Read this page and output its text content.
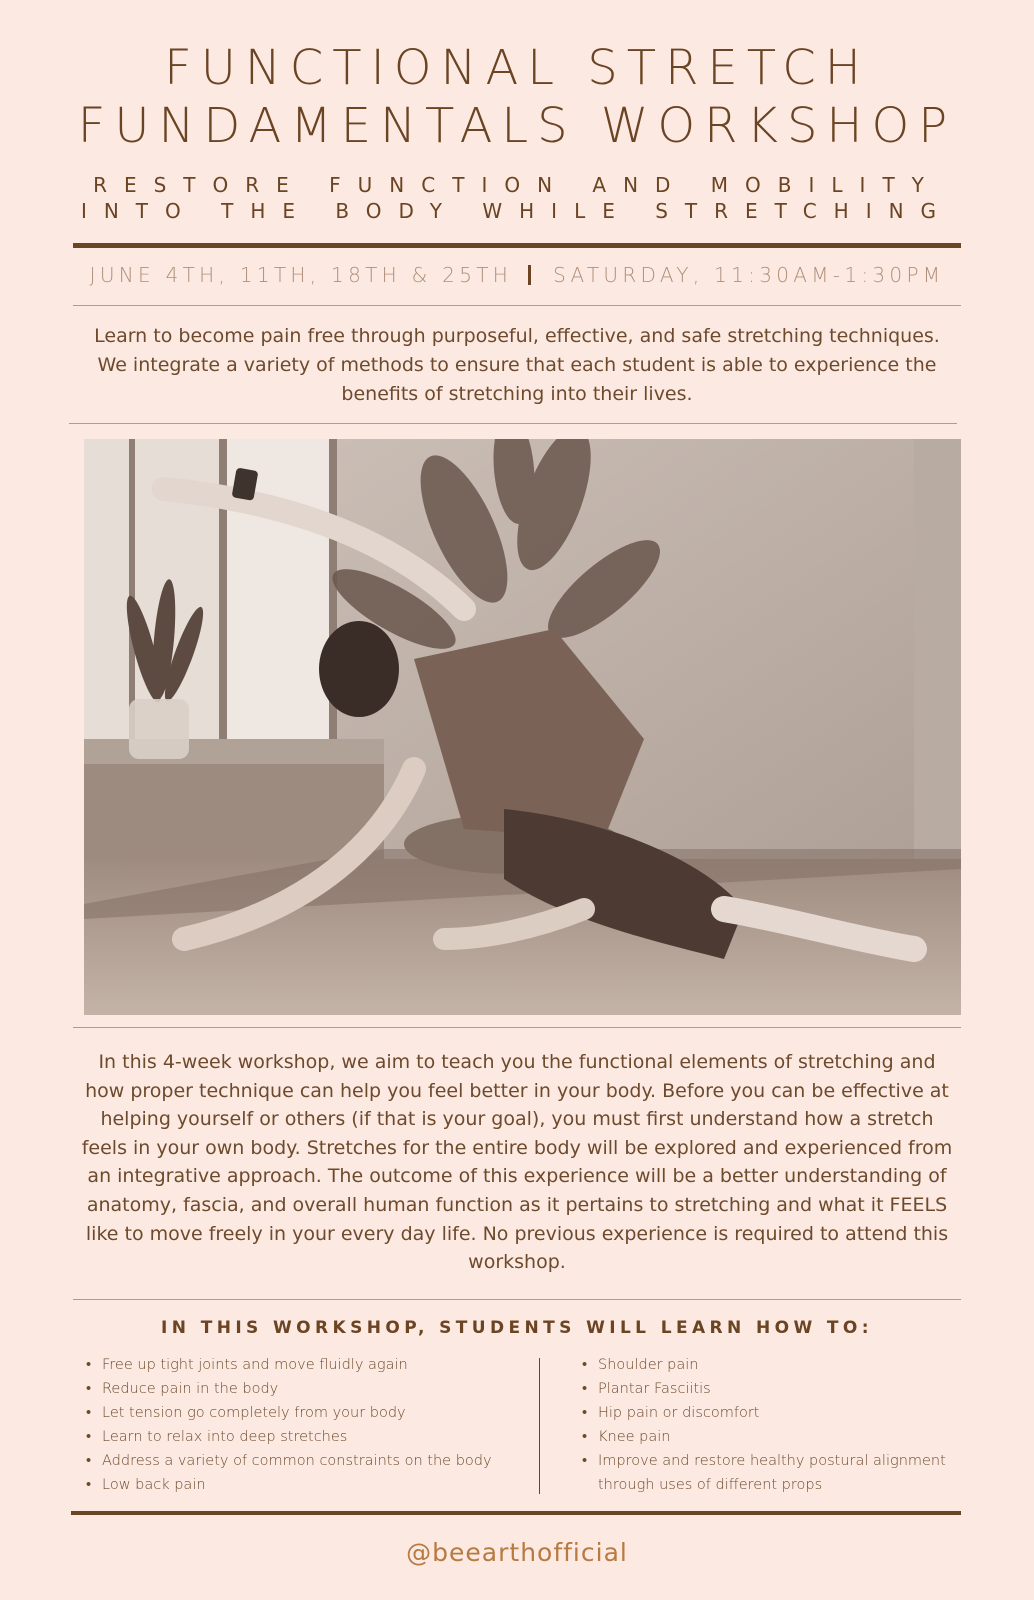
FUNCTIONAL STRETCH
FUNDAMENTALS WORKSHOP
RESTORE FUNCTION AND MOBILITY
INTO THE BODY WHILE STRETCHING
JUNE 4TH, 11TH, 18TH & 25TH SATURDAY, 11:30AM-1:30PM

Learn to become pain free through purposeful, effective, and safe stretching techniques. We integrate a variety of methods to ensure that each student is able to experience the benefits of stretching into their lives.

In this 4-week workshop, we aim to teach you the functional elements of stretching and how proper technique can help you feel better in your body. Before you can be effective at helping yourself or others (if that is your goal), you must first understand how a stretch feels in your own body. Stretches for the entire body will be explored and experienced from an integrative approach. The outcome of this experience will be a better understanding of anatomy, fascia, and overall human function as it pertains to stretching and what it FEELS like to move freely in your every day life. No previous experience is required to attend this workshop.

IN THIS WORKSHOP, STUDENTS WILL LEARN HOW TO:
• Free up tight joints and move fluidly again
• Reduce pain in the body
• Let tension go completely from your body
• Learn to relax into deep stretches
• Address a variety of common constraints on the body
• Low back pain
• Shoulder pain
• Plantar Fasciitis
• Hip pain or discomfort
• Knee pain
• Improve and restore healthy postural alignment through uses of different props
@beearthofficial
